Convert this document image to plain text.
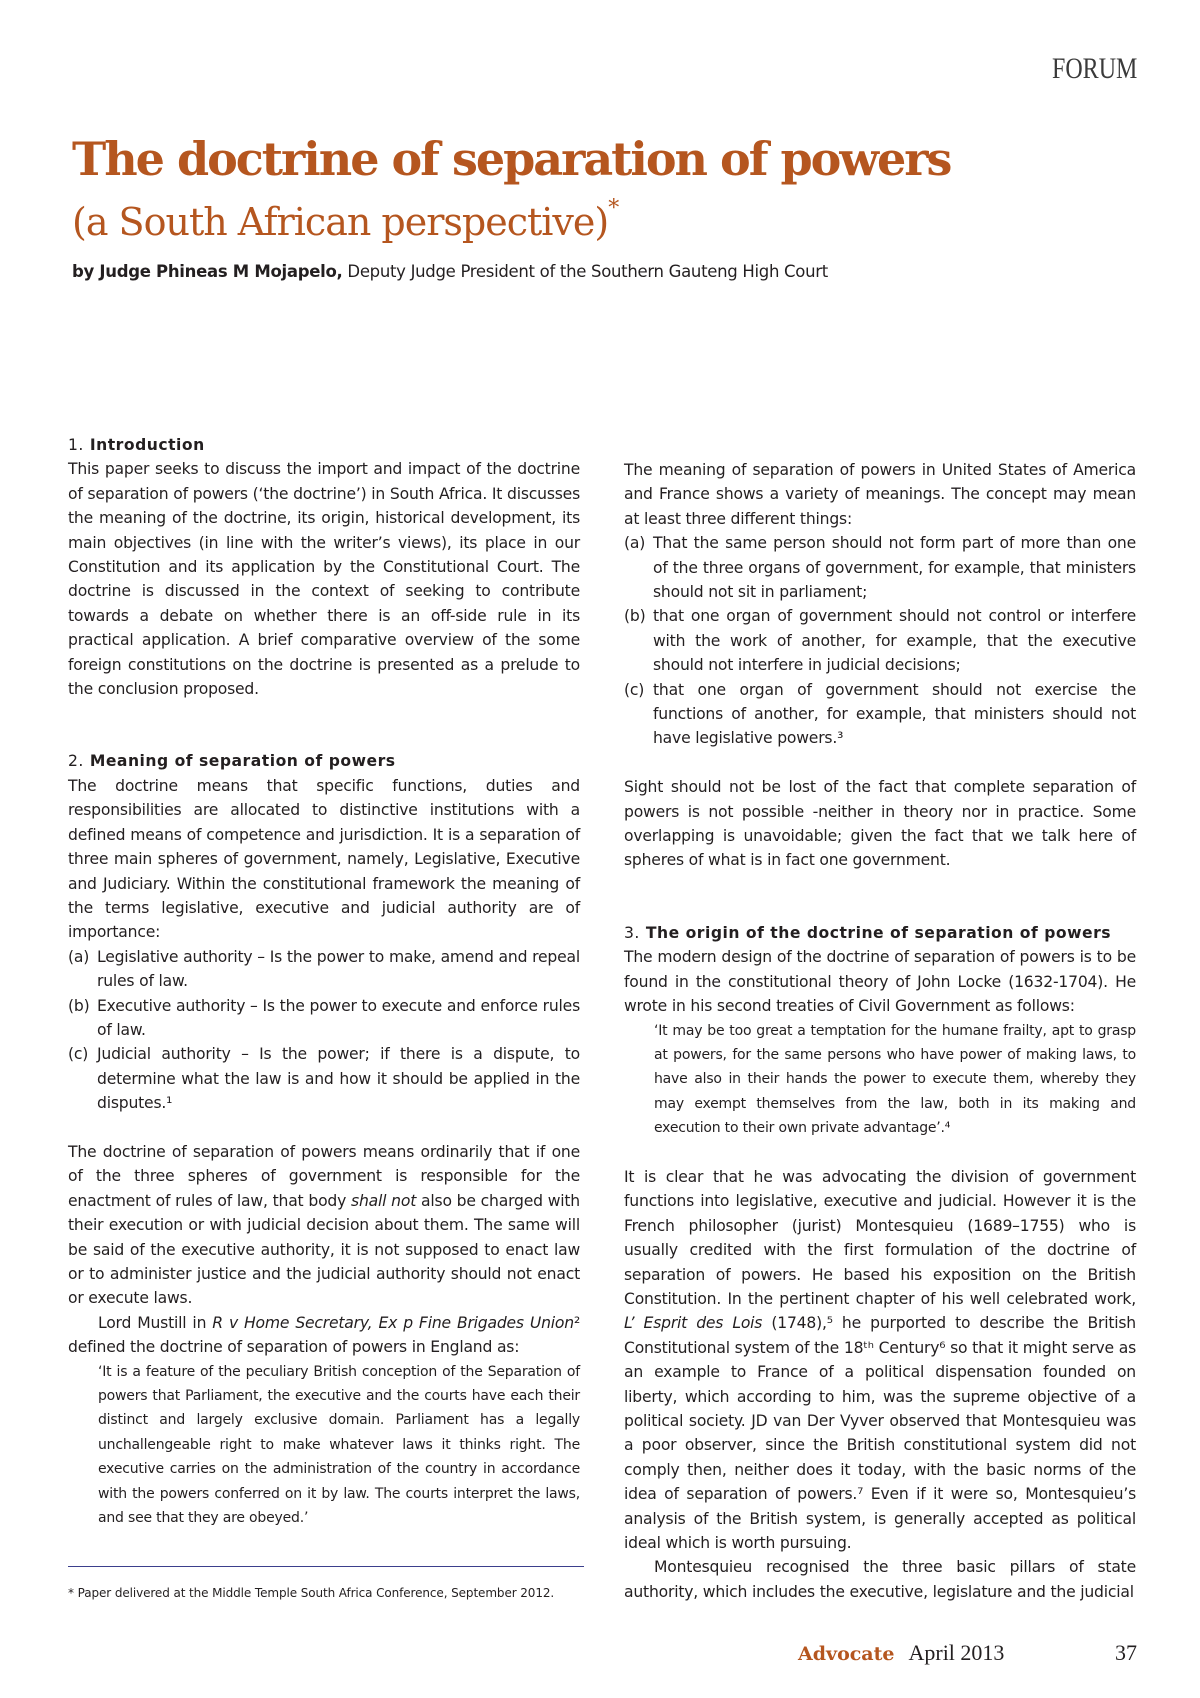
FORUM
The doctrine of separation of powers
(a South African perspective)*
by Judge Phineas M Mojapelo, Deputy Judge President of the Southern Gauteng High Court

1. Introduction

This paper seeks to discuss the import and impact of the doctrine of separation of powers (‘the doctrine’) in South Africa. It discusses the meaning of the doctrine, its origin, historical development, its main objectives (in line with the writer’s views), its place in our Constitution and its application by the Constitutional Court. The doctrine is discussed in the context of seeking to contribute towards a debate on whether there is an off-side rule in its practical application. A brief comparative overview of the some foreign constitutions on the doctrine is presented as a prelude to the conclusion proposed.

2. Meaning of separation of powers

The doctrine means that specific functions, duties and responsibilities are allocated to distinctive institutions with a defined means of competence and jurisdiction. It is a separation of three main spheres of government, namely, Legislative, Executive and Judiciary. Within the constitutional framework the meaning of the terms legislative, executive and judicial authority are of importance:

(a) Legislative authority – Is the power to make, amend and repeal rules of law.
(b) Executive authority – Is the power to execute and enforce rules of law.
(c) Judicial authority – Is the power; if there is a dispute, to determine what the law is and how it should be applied in the disputes.¹

The doctrine of separation of powers means ordinarily that if one of the three spheres of government is responsible for the enactment of rules of law, that body shall not also be charged with their execution or with judicial decision about them. The same will be said of the executive authority, it is not supposed to enact law or to administer justice and the judicial authority should not enact or execute laws.

Lord Mustill in R v Home Secretary, Ex p Fine Brigades Union² defined the doctrine of separation of powers in England as:

‘It is a feature of the peculiary British conception of the Separation of powers that Parliament, the executive and the courts have each their distinct and largely exclusive domain. Parliament has a legally unchallengeable right to make whatever laws it thinks right. The executive carries on the administration of the country in accordance with the powers conferred on it by law. The courts interpret the laws, and see that they are obeyed.’

The meaning of separation of powers in United States of America and France shows a variety of meanings. The concept may mean at least three different things:

(a) That the same person should not form part of more than one of the three organs of government, for example, that ministers should not sit in parliament;
(b) that one organ of government should not control or interfere with the work of another, for example, that the executive should not interfere in judicial decisions;
(c) that one organ of government should not exercise the functions of another, for example, that ministers should not have legislative powers.³

Sight should not be lost of the fact that complete separation of powers is not possible -neither in theory nor in practice. Some overlapping is unavoidable; given the fact that we talk here of spheres of what is in fact one government.

3. The origin of the doctrine of separation of powers

The modern design of the doctrine of separation of powers is to be found in the constitutional theory of John Locke (1632-1704). He wrote in his second treaties of Civil Government as follows:

‘It may be too great a temptation for the humane frailty, apt to grasp at powers, for the same persons who have power of making laws, to have also in their hands the power to execute them, whereby they may exempt themselves from the law, both in its making and execution to their own private advantage’.⁴

It is clear that he was advocating the division of government functions into legislative, executive and judicial. However it is the French philosopher (jurist) Montesquieu (1689–1755) who is usually credited with the first formulation of the doctrine of separation of powers. He based his exposition on the British Constitution. In the pertinent chapter of his well celebrated work, L’ Esprit des Lois (1748),⁵ he purported to describe the British Constitutional system of the 18ᵗʰ Century⁶ so that it might serve as an example to France of a political dispensation founded on liberty, which according to him, was the supreme objective of a political society. JD van Der Vyver observed that Montesquieu was a poor observer, since the British constitutional system did not comply then, neither does it today, with the basic norms of the idea of separation of powers.⁷ Even if it were so, Montesquieu’s analysis of the British system, is generally accepted as political ideal which is worth pursuing.

Montesquieu recognised the three basic pillars of state authority, which includes the executive, legislature and the judicial

* Paper delivered at the Middle Temple South Africa Conference, September 2012.
Advocate April 2013	37
